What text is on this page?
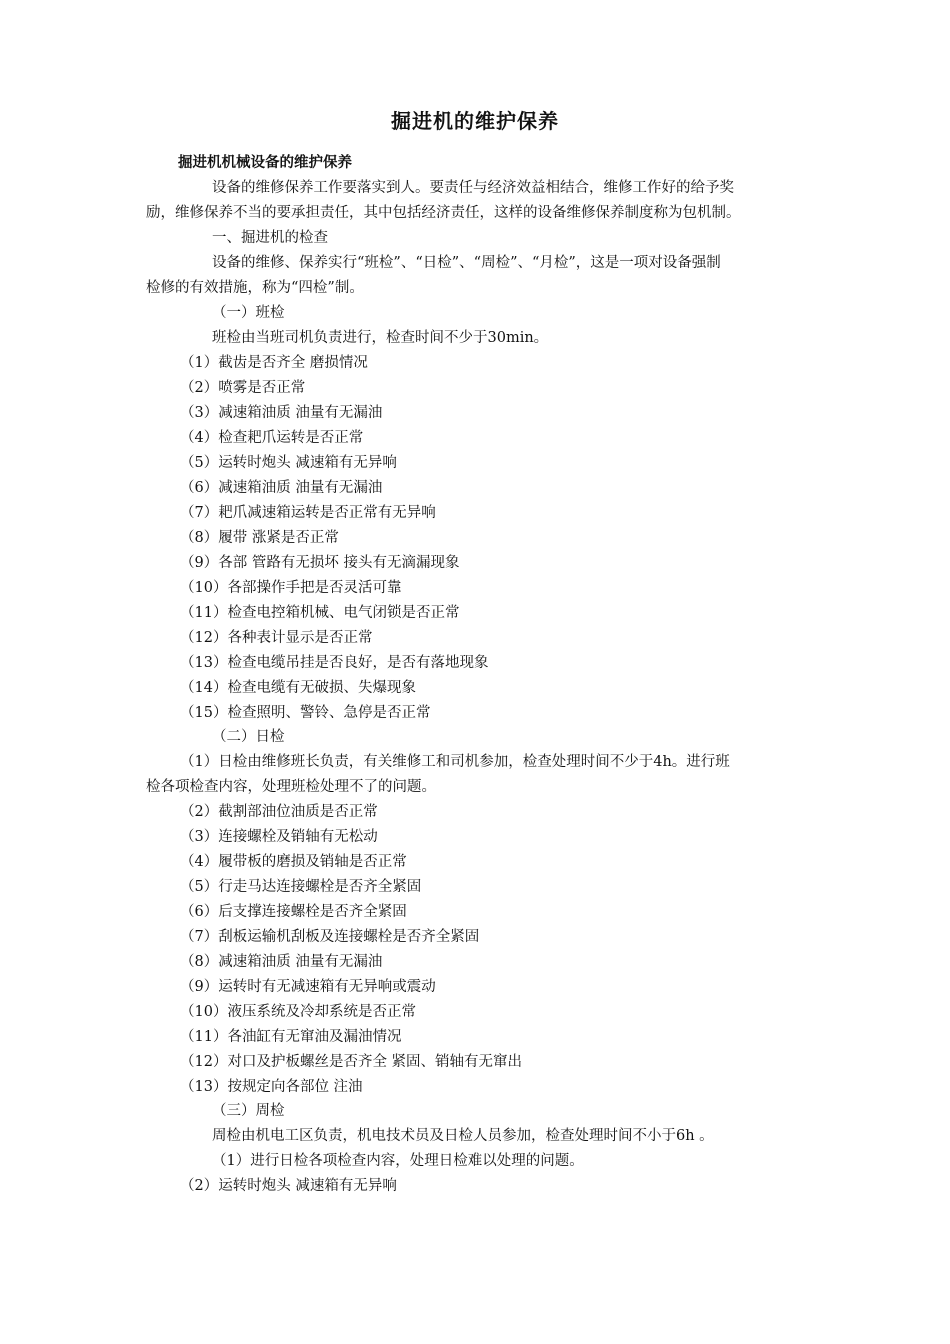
掘进机的维护保养
掘进机机械设备的维护保养
设备的维修保养工作要落实到人。要责任与经济效益相结合，维修工作好的给予奖
励，维修保养不当的要承担责任，其中包括经济责任，这样的设备维修保养制度称为包机制。
一、掘进机的检查
设备的维修、保养实行“班检”、“日检”、“周检”、“月检”，这是一项对设备强制
检修的有效措施，称为“四检”制。
（一）班检
班检由当班司机负责进行，检查时间不少于30min。
（1）截齿是否齐全 磨损情况
（2）喷雾是否正常
（3）减速箱油质 油量有无漏油
（4）检查耙爪运转是否正常
（5）运转时炮头 减速箱有无异响
（6）减速箱油质 油量有无漏油
（7）耙爪减速箱运转是否正常有无异响
（8）履带 涨紧是否正常
（9）各部 管路有无损坏 接头有无滴漏现象
（10）各部操作手把是否灵活可靠
（11）检查电控箱机械、电气闭锁是否正常
（12）各种表计显示是否正常
（13）检查电缆吊挂是否良好，是否有落地现象
（14）检查电缆有无破损、失爆现象
（15）检查照明、警铃、急停是否正常
（二）日检
（1）日检由维修班长负责，有关维修工和司机参加，检查处理时间不少于4h。进行班
检各项检查内容，处理班检处理不了的问题。
（2）截割部油位油质是否正常
（3）连接螺栓及销轴有无松动
（4）履带板的磨损及销轴是否正常
（5）行走马达连接螺栓是否齐全紧固
（6）后支撑连接螺栓是否齐全紧固
（7）刮板运输机刮板及连接螺栓是否齐全紧固
（8）减速箱油质 油量有无漏油
（9）运转时有无减速箱有无异响或震动
（10）液压系统及冷却系统是否正常
（11）各油缸有无窜油及漏油情况
（12）对口及护板螺丝是否齐全 紧固、销轴有无窜出
（13）按规定向各部位 注油
（三）周检
周检由机电工区负责，机电技术员及日检人员参加，检查处理时间不小于6h 。
（1）进行日检各项检查内容，处理日检难以处理的问题。
（2）运转时炮头 减速箱有无异响
